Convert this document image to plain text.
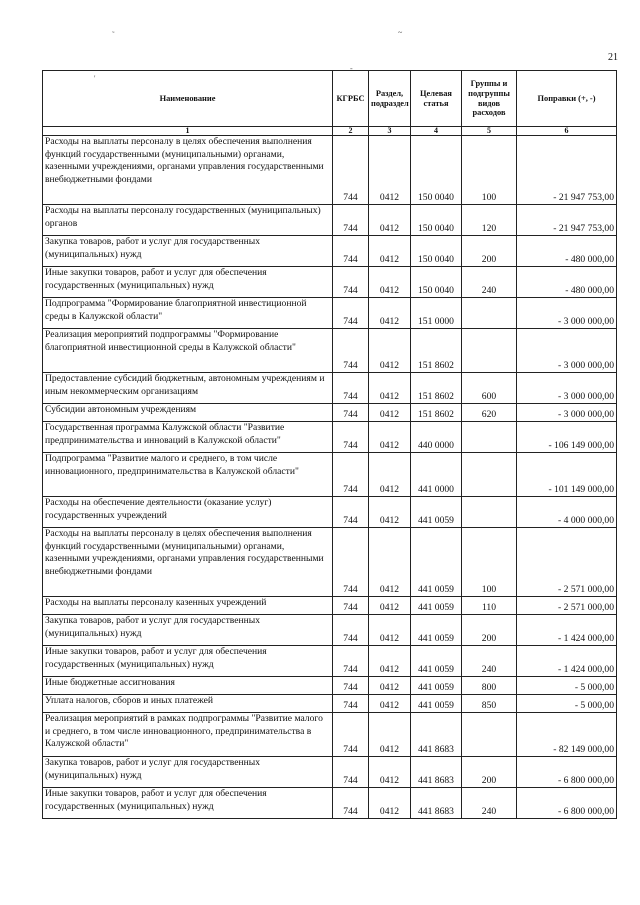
˜	~
'
-
21
Наименование	КГРБС	Раздел, подраздел	Целевая статья	Группы и подгруппы видов расходов	Поправки (+, -)
1	2	3	4	5	6
Расходы на выплаты персоналу в целях обеспечения выполнения функций государственными (муниципальными) органами, казенными учреждениями, органами управления государственными внебюджетными фондами	744	0412	150 0040	100	- 21 947 753,00
Расходы на выплаты персоналу государственных (муниципальных) органов	744	0412	150 0040	120	- 21 947 753,00
Закупка товаров, работ и услуг для государственных (муниципальных) нужд	744	0412	150 0040	200	- 480 000,00
Иные закупки товаров, работ и услуг для обеспечения государственных (муниципальных) нужд	744	0412	150 0040	240	- 480 000,00
Подпрограмма "Формирование благоприятной инвестиционной среды в Калужской области"	744	0412	151 0000		- 3 000 000,00
Реализация мероприятий подпрограммы "Формирование благоприятной инвестиционной среды в Калужской области"	744	0412	151 8602		- 3 000 000,00
Предоставление субсидий бюджетным, автономным учреждениям и иным некоммерческим организациям	744	0412	151 8602	600	- 3 000 000,00
Субсидии автономным учреждениям	744	0412	151 8602	620	- 3 000 000,00
Государственная программа Калужской области "Развитие предпринимательства и инноваций в Калужской области"	744	0412	440 0000		- 106 149 000,00
Подпрограмма "Развитие малого и среднего, в том числе инновационного, предпринимательства в Калужской области"	744	0412	441 0000		- 101 149 000,00
Расходы на обеспечение деятельности (оказание услуг) государственных учреждений	744	0412	441 0059		- 4 000 000,00
Расходы на выплаты персоналу в целях обеспечения выполнения функций государственными (муниципальными) органами, казенными учреждениями, органами управления государственными внебюджетными фондами	744	0412	441 0059	100	- 2 571 000,00
Расходы на выплаты персоналу казенных учреждений	744	0412	441 0059	110	- 2 571 000,00
Закупка товаров, работ и услуг для государственных (муниципальных) нужд	744	0412	441 0059	200	- 1 424 000,00
Иные закупки товаров, работ и услуг для обеспечения государственных (муниципальных) нужд	744	0412	441 0059	240	- 1 424 000,00
Иные бюджетные ассигнования	744	0412	441 0059	800	- 5 000,00
Уплата налогов, сборов и иных платежей	744	0412	441 0059	850	- 5 000,00
Реализация мероприятий в рамках подпрограммы "Развитие малого и среднего, в том числе инновационного, предпринимательства в Калужской области"	744	0412	441 8683		- 82 149 000,00
Закупка товаров, работ и услуг для государственных (муниципальных) нужд	744	0412	441 8683	200	- 6 800 000,00
Иные закупки товаров, работ и услуг для обеспечения государственных (муниципальных) нужд	744	0412	441 8683	240	- 6 800 000,00
